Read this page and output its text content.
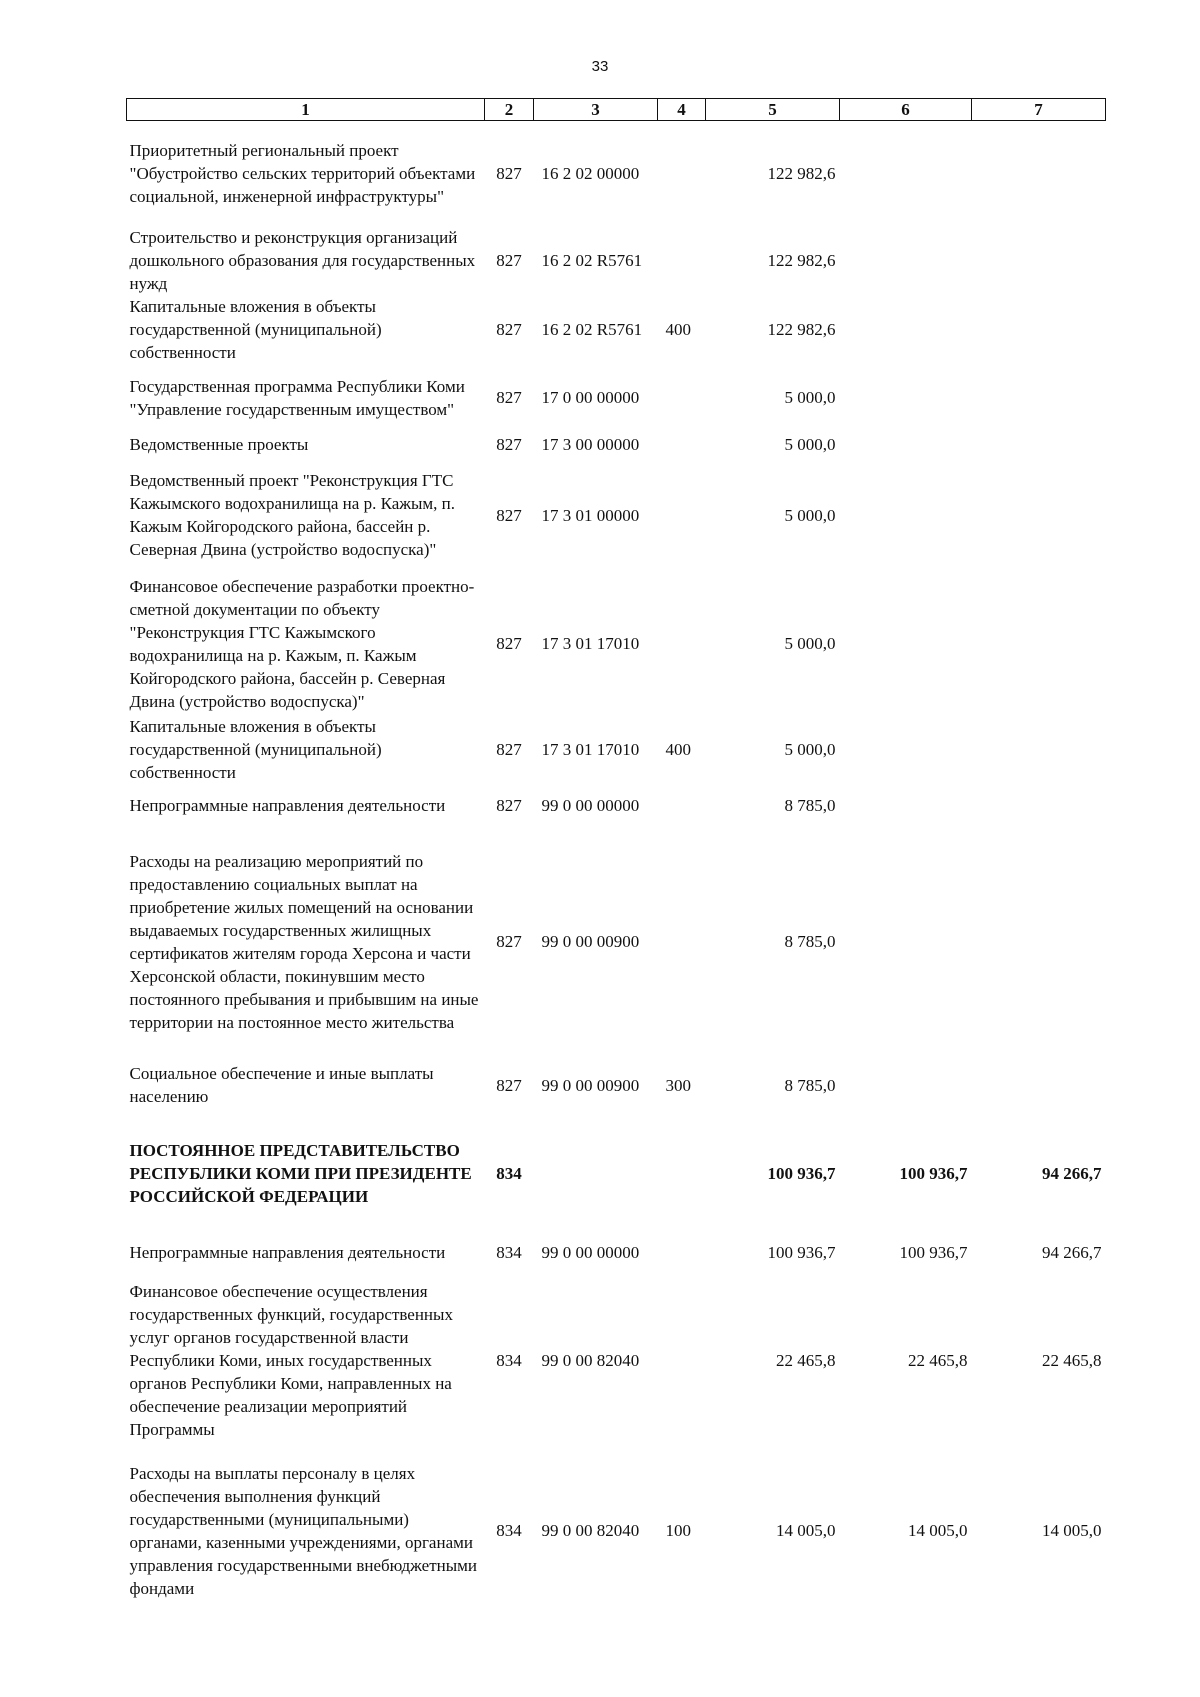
33
1	2	3	4	5	6	7
Приоритетный региональный проект "Обустройство сельских территорий объектами социальной, инженерной инфраструктуры"	827	16 2 02 00000		122 982,6		
Строительство и реконструкция организаций дошкольного образования для государственных нужд	827	16 2 02 R5761		122 982,6		
Капитальные вложения в объекты государственной (муниципальной) собственности	827	16 2 02 R5761	400	122 982,6		
Государственная программа Республики Коми "Управление государственным имуществом"	827	17 0 00 00000		5 000,0		
Ведомственные проекты	827	17 3 00 00000		5 000,0		
Ведомственный проект "Реконструкция ГТС Кажымского водохранилища на р. Кажым, п. Кажым Койгородского района, бассейн р. Северная Двина (устройство водоспуска)"	827	17 3 01 00000		5 000,0		
Финансовое обеспечение разработки проектно-сметной документации по объекту "Реконструкция ГТС Кажымского водохранилища на р. Кажым, п. Кажым Койгородского района, бассейн р. Северная Двина (устройство водоспуска)"	827	17 3 01 17010		5 000,0		
Капитальные вложения в объекты государственной (муниципальной) собственности	827	17 3 01 17010	400	5 000,0		
Непрограммные направления деятельности	827	99 0 00 00000		8 785,0		
Расходы на реализацию мероприятий по предоставлению социальных выплат на приобретение жилых помещений на основании выдаваемых государственных жилищных сертификатов жителям города Херсона и части Херсонской области, покинувшим место постоянного пребывания и прибывшим на иные территории на постоянное место жительства	827	99 0 00 00900		8 785,0		
Социальное обеспечение и иные выплаты населению	827	99 0 00 00900	300	8 785,0		
ПОСТОЯННОЕ ПРЕДСТАВИТЕЛЬСТВО РЕСПУБЛИКИ КОМИ ПРИ ПРЕЗИДЕНТЕ РОССИЙСКОЙ ФЕДЕРАЦИИ	834			100 936,7	100 936,7	94 266,7
Непрограммные направления деятельности	834	99 0 00 00000		100 936,7	100 936,7	94 266,7
Финансовое обеспечение осуществления государственных функций, государственных услуг органов государственной власти Республики Коми, иных государственных органов Республики Коми, направленных на обеспечение реализации мероприятий Программы	834	99 0 00 82040		22 465,8	22 465,8	22 465,8
Расходы на выплаты персоналу в целях обеспечения выполнения функций государственными (муниципальными) органами, казенными учреждениями, органами управления государственными внебюджетными фондами	834	99 0 00 82040	100	14 005,0	14 005,0	14 005,0
